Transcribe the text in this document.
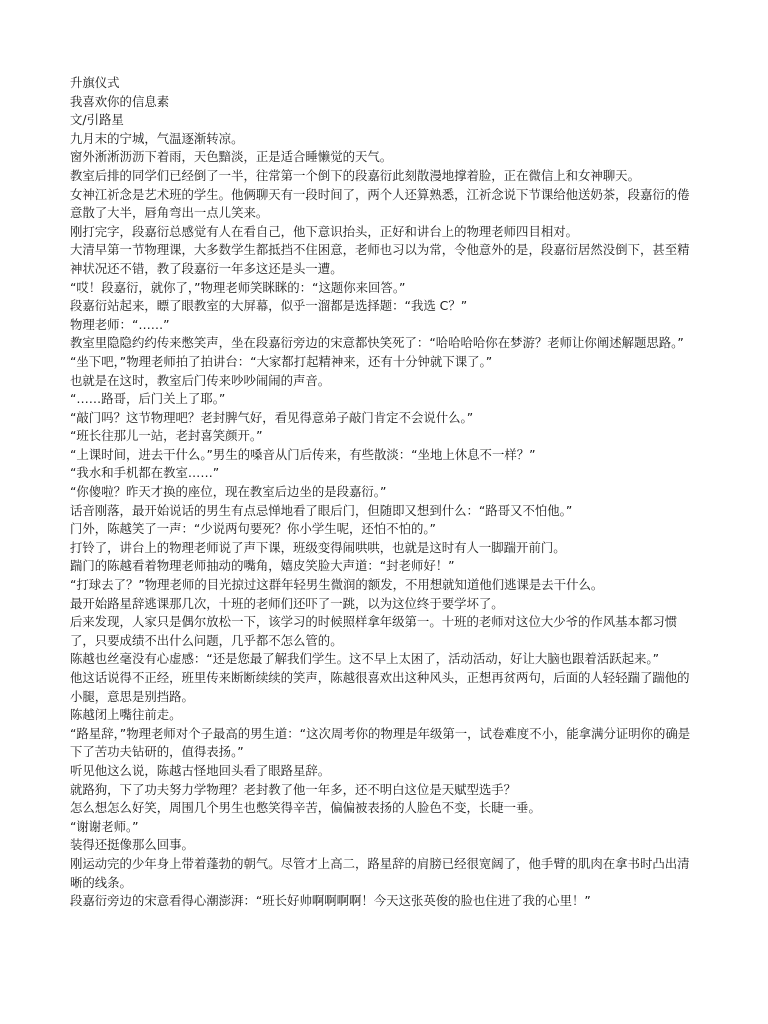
升旗仪式

我喜欢你的信息素

文/引路星

九月末的宁城，气温逐渐转凉。

窗外淅淅沥沥下着雨，天色黯淡，正是适合睡懒觉的天气。

教室后排的同学们已经倒了一半，往常第一个倒下的段嘉衍此刻散漫地撑着脸，正在微信上和女神聊天。

女神江祈念是艺术班的学生。他俩聊天有一段时间了，两个人还算熟悉，江祈念说下节课给他送奶茶，段嘉衍的倦意散了大半，唇角弯出一点儿笑来。

刚打完字，段嘉衍总感觉有人在看自己，他下意识抬头，正好和讲台上的物理老师四目相对。

大清早第一节物理课，大多数学生都抵挡不住困意，老师也习以为常，令他意外的是，段嘉衍居然没倒下，甚至精神状况还不错，教了段嘉衍一年多这还是头一遭。

“哎！段嘉衍，就你了，”物理老师笑眯眯的：“这题你来回答。”

段嘉衍站起来，瞟了眼教室的大屏幕，似乎一溜都是选择题：“我选 C？”

物理老师：“……”

教室里隐隐约约传来憋笑声，坐在段嘉衍旁边的宋意都快笑死了：“哈哈哈哈你在梦游？老师让你阐述解题思路。”

“坐下吧，”物理老师拍了拍讲台：“大家都打起精神来，还有十分钟就下课了。”

也就是在这时，教室后门传来吵吵闹闹的声音。

“……路哥，后门关上了耶。”

“敲门吗？这节物理吧？老封脾气好，看见得意弟子敲门肯定不会说什么。”

“班长往那儿一站，老封喜笑颜开。”

“上课时间，进去干什么。”男生的嗓音从门后传来，有些散淡：“坐地上休息不一样？”

“我水和手机都在教室……”

“你傻啦？昨天才换的座位，现在教室后边坐的是段嘉衍。”

话音刚落，最开始说话的男生有点忌惮地看了眼后门，但随即又想到什么：“路哥又不怕他。”

门外，陈越笑了一声：“少说两句要死？你小学生呢，还怕不怕的。”

打铃了，讲台上的物理老师说了声下课，班级变得闹哄哄，也就是这时有人一脚踹开前门。

踹门的陈越看着物理老师抽动的嘴角，嬉皮笑脸大声道：“封老师好！”

“打球去了？”物理老师的目光掠过这群年轻男生微润的额发，不用想就知道他们逃课是去干什么。

最开始路星辞逃课那几次，十班的老师们还吓了一跳，以为这位终于要学坏了。

后来发现，人家只是偶尔放松一下，该学习的时候照样拿年级第一。十班的老师对这位大少爷的作风基本都习惯了，只要成绩不出什么问题，几乎都不怎么管的。

陈越也丝毫没有心虚感：“还是您最了解我们学生。这不早上太困了，活动活动，好让大脑也跟着活跃起来。”

他这话说得不正经，班里传来断断续续的笑声，陈越很喜欢出这种风头，正想再贫两句，后面的人轻轻踹了踹他的小腿，意思是别挡路。

陈越闭上嘴往前走。

“路星辞，”物理老师对个子最高的男生道：“这次周考你的物理是年级第一，试卷难度不小，能拿满分证明你的确是下了苦功夫钻研的，值得表扬。”

听见他这么说，陈越古怪地回头看了眼路星辞。

就路狗，下了功夫努力学物理？老封教了他一年多，还不明白这位是天赋型选手？

怎么想怎么好笑，周围几个男生也憋笑得辛苦，偏偏被表扬的人脸色不变，长睫一垂。

“谢谢老师。”

装得还挺像那么回事。

刚运动完的少年身上带着蓬勃的朝气。尽管才上高二，路星辞的肩膀已经很宽阔了，他手臂的肌肉在拿书时凸出清晰的线条。

段嘉衍旁边的宋意看得心潮澎湃：“班长好帅啊啊啊啊！今天这张英俊的脸也住进了我的心里！”
